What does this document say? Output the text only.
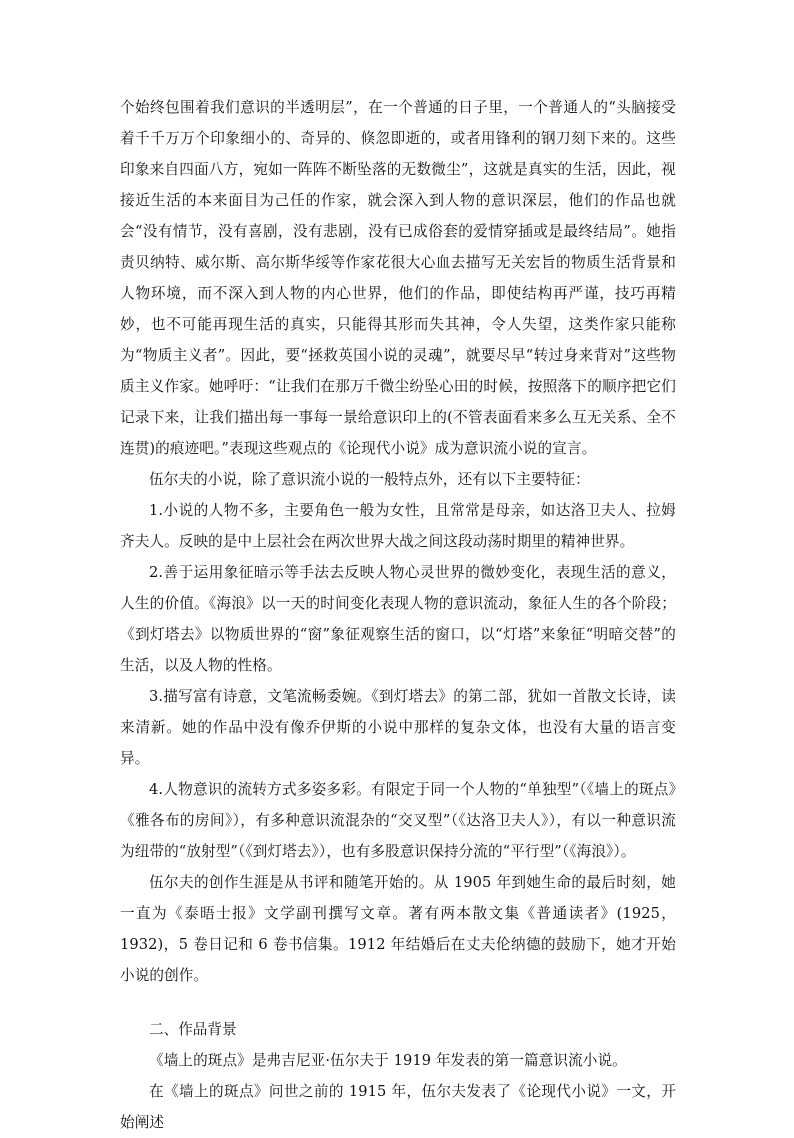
个始终包围着我们意识的半透明层”，在一个普通的日子里，一个普通人的“头脑接受着千千万万个印象细小的、奇异的、倏忽即逝的，或者用锋利的钢刀刻下来的。这些印象来自四面八方，宛如一阵阵不断坠落的无数微尘”，这就是真实的生活，因此，视接近生活的本来面目为己任的作家，就会深入到人物的意识深层，他们的作品也就会“没有情节，没有喜剧，没有悲剧，没有已成俗套的爱情穿插或是最终结局”。她指责贝纳特、威尔斯、高尔斯华绥等作家花很大心血去描写无关宏旨的物质生活背景和人物环境，而不深入到人物的内心世界，他们的作品，即使结构再严谨，技巧再精妙，也不可能再现生活的真实，只能得其形而失其神，令人失望，这类作家只能称为“物质主义者”。因此，要“拯救英国小说的灵魂”，就要尽早“转过身来背对”这些物质主义作家。她呼吁：“让我们在那万千微尘纷坠心田的时候，按照落下的顺序把它们记录下来，让我们描出每一事每一景给意识印上的(不管表面看来多么互无关系、全不连贯)的痕迹吧。”表现这些观点的《论现代小说》成为意识流小说的宣言。

伍尔夫的小说，除了意识流小说的一般特点外，还有以下主要特征：

1.小说的人物不多，主要角色一般为女性，且常常是母亲，如达洛卫夫人、拉姆齐夫人。反映的是中上层社会在两次世界大战之间这段动荡时期里的精神世界。

2.善于运用象征暗示等手法去反映人物心灵世界的微妙变化，表现生活的意义，人生的价值。《海浪》以一天的时间变化表现人物的意识流动，象征人生的各个阶段；《到灯塔去》以物质世界的“窗”象征观察生活的窗口，以“灯塔”来象征“明暗交替”的生活，以及人物的性格。

3.描写富有诗意，文笔流畅委婉。《到灯塔去》的第二部，犹如一首散文长诗，读来清新。她的作品中没有像乔伊斯的小说中那样的复杂文体，也没有大量的语言变异。

4.人物意识的流转方式多姿多彩。有限定于同一个人物的“单独型”（《墙上的斑点》《雅各布的房间》），有多种意识流混杂的“交叉型”（《达洛卫夫人》），有以一种意识流为纽带的“放射型”（《到灯塔去》），也有多股意识保持分流的“平行型”（《海浪》）。

伍尔夫的创作生涯是从书评和随笔开始的。从 1905 年到她生命的最后时刻，她一直为《泰晤士报》文学副刊撰写文章。著有两本散文集《普通读者》(1925，1932)，5 卷日记和 6 卷书信集。1912 年结婚后在丈夫伦纳德的鼓励下，她才开始小说的创作。

二、作品背景

《墙上的斑点》是弗吉尼亚·伍尔夫于 1919 年发表的第一篇意识流小说。

在《墙上的斑点》问世之前的 1915 年，伍尔夫发表了《论现代小说》一文，开始阐述
